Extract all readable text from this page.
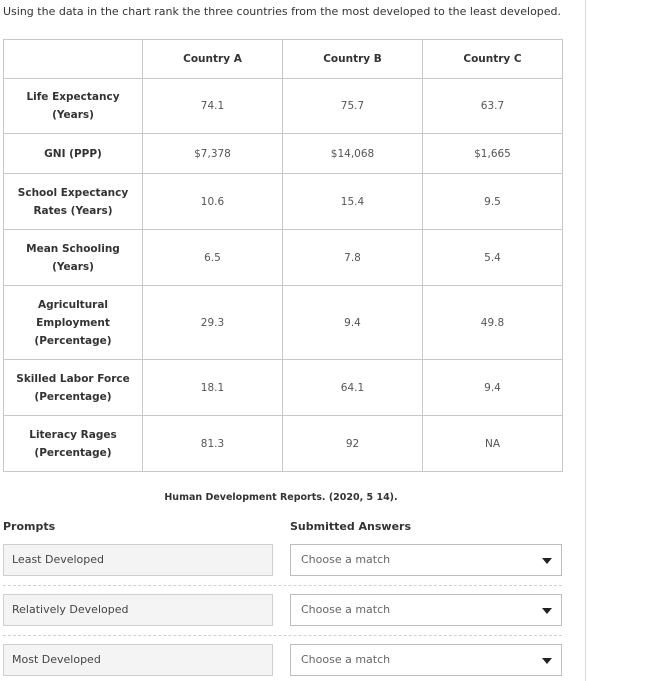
Using the data in the chart rank the three countries from the most developed to the least developed.
	Country A	Country B	Country C

Life Expectancy
(Years)	74.1	75.7	63.7

GNI (PPP)	$7,378	$14,068	$1,665

School Expectancy
Rates (Years)	10.6	15.4	9.5

Mean Schooling
(Years)	6.5	7.8	5.4

Agricultural
Employment
(Percentage)	29.3	9.4	49.8

Skilled Labor Force
(Percentage)	18.1	64.1	9.4

Literacy Rages
(Percentage)	81.3	92	NA
Human Development Reports. (2020, 5 14).
Prompts	Submitted Answers
Least Developed	Choose a match
Relatively Developed	Choose a match
Most Developed	Choose a match
